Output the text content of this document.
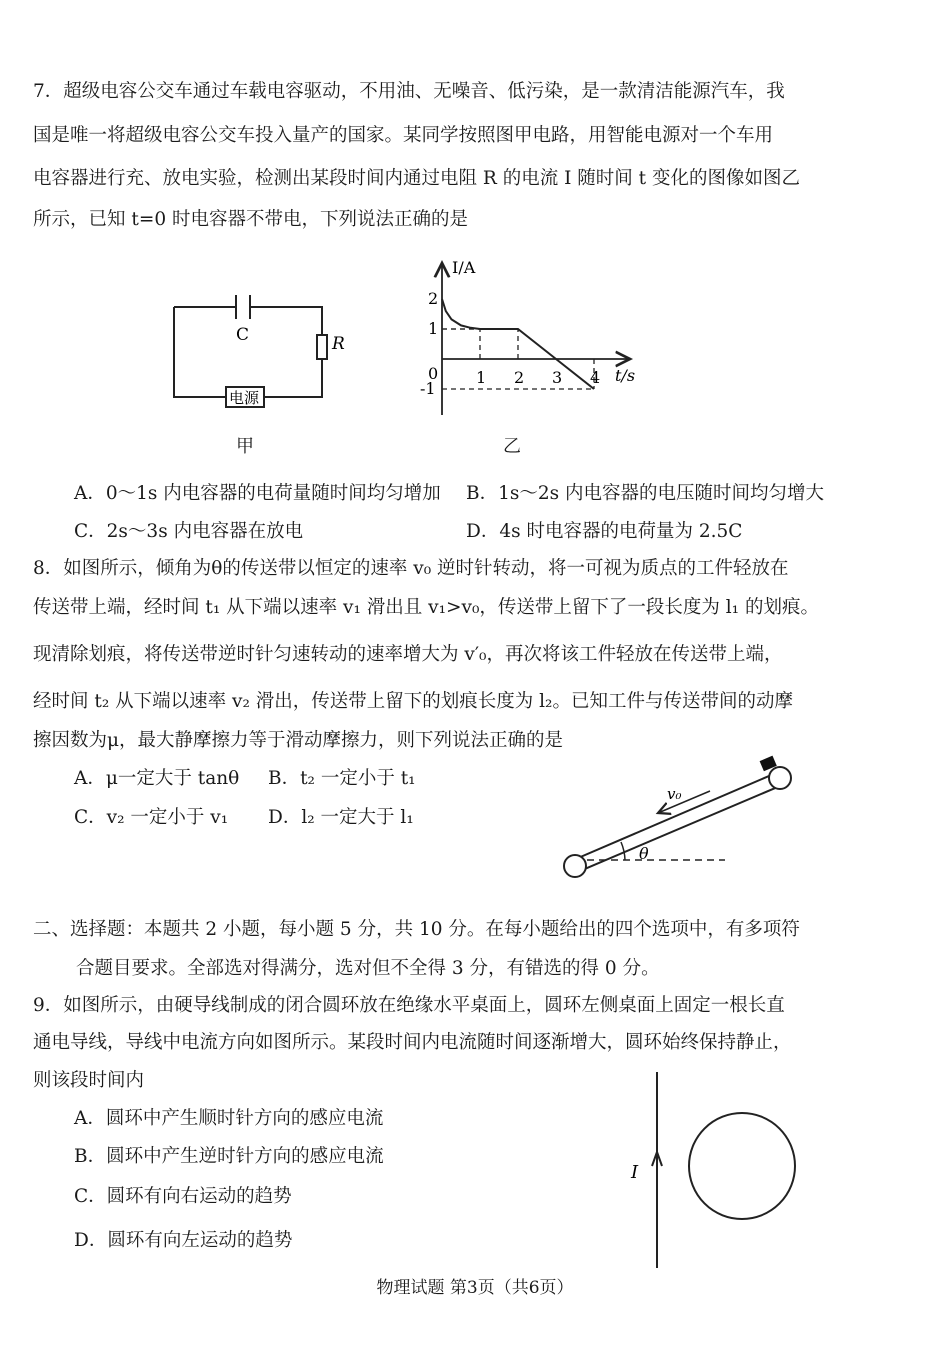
7．超级电容公交车通过车载电容驱动，不用油、无噪音、低污染，是一款清洁能源汽车，我
国是唯一将超级电容公交车投入量产的国家。某同学按照图甲电路，用智能电源对一个车用
电容器进行充、放电实验，检测出某段时间内通过电阻 R 的电流 I 随时间 t 变化的图像如图乙
所示，已知 t=0 时电容器不带电，下列说法正确的是
C	R
电源
甲
1 2 3 4
2
1
0
-1
I/A
t/s
乙
A．0～1s 内电容器的电荷量随时间均匀增加 B．1s～2s 内电容器的电压随时间均匀增大
C．2s～3s 内电容器在放电	D．4s 时电容器的电荷量为 2.5C
8．如图所示，倾角为θ的传送带以恒定的速率 v₀ 逆时针转动，将一可视为质点的工件轻放在
传送带上端，经时间 t₁ 从下端以速率 v₁ 滑出且 v₁>v₀，传送带上留下了一段长度为 l₁ 的划痕。
现清除划痕，将传送带逆时针匀速转动的速率增大为 v′₀，再次将该工件轻放在传送带上端，
经时间 t₂ 从下端以速率 v₂ 滑出，传送带上留下的划痕长度为 l₂。已知工件与传送带间的动摩
擦因数为μ，最大静摩擦力等于滑动摩擦力，则下列说法正确的是
A．μ一定大于 tanθ B．t₂ 一定小于 t₁
C．v₂ 一定小于 v₁ D．l₂ 一定大于 l₁
v₀
θ
二、选择题：本题共 2 小题，每小题 5 分，共 10 分。在每小题给出的四个选项中，有多项符
合题目要求。全部选对得满分，选对但不全得 3 分，有错选的得 0 分。
9．如图所示，由硬导线制成的闭合圆环放在绝缘水平桌面上，圆环左侧桌面上固定一根长直
通电导线，导线中电流方向如图所示。某段时间内电流随时间逐渐增大，圆环始终保持静止，
则该段时间内
A．圆环中产生顺时针方向的感应电流
B．圆环中产生逆时针方向的感应电流
C．圆环有向右运动的趋势
D．圆环有向左运动的趋势
I
物理试题 第3页（共6页）
